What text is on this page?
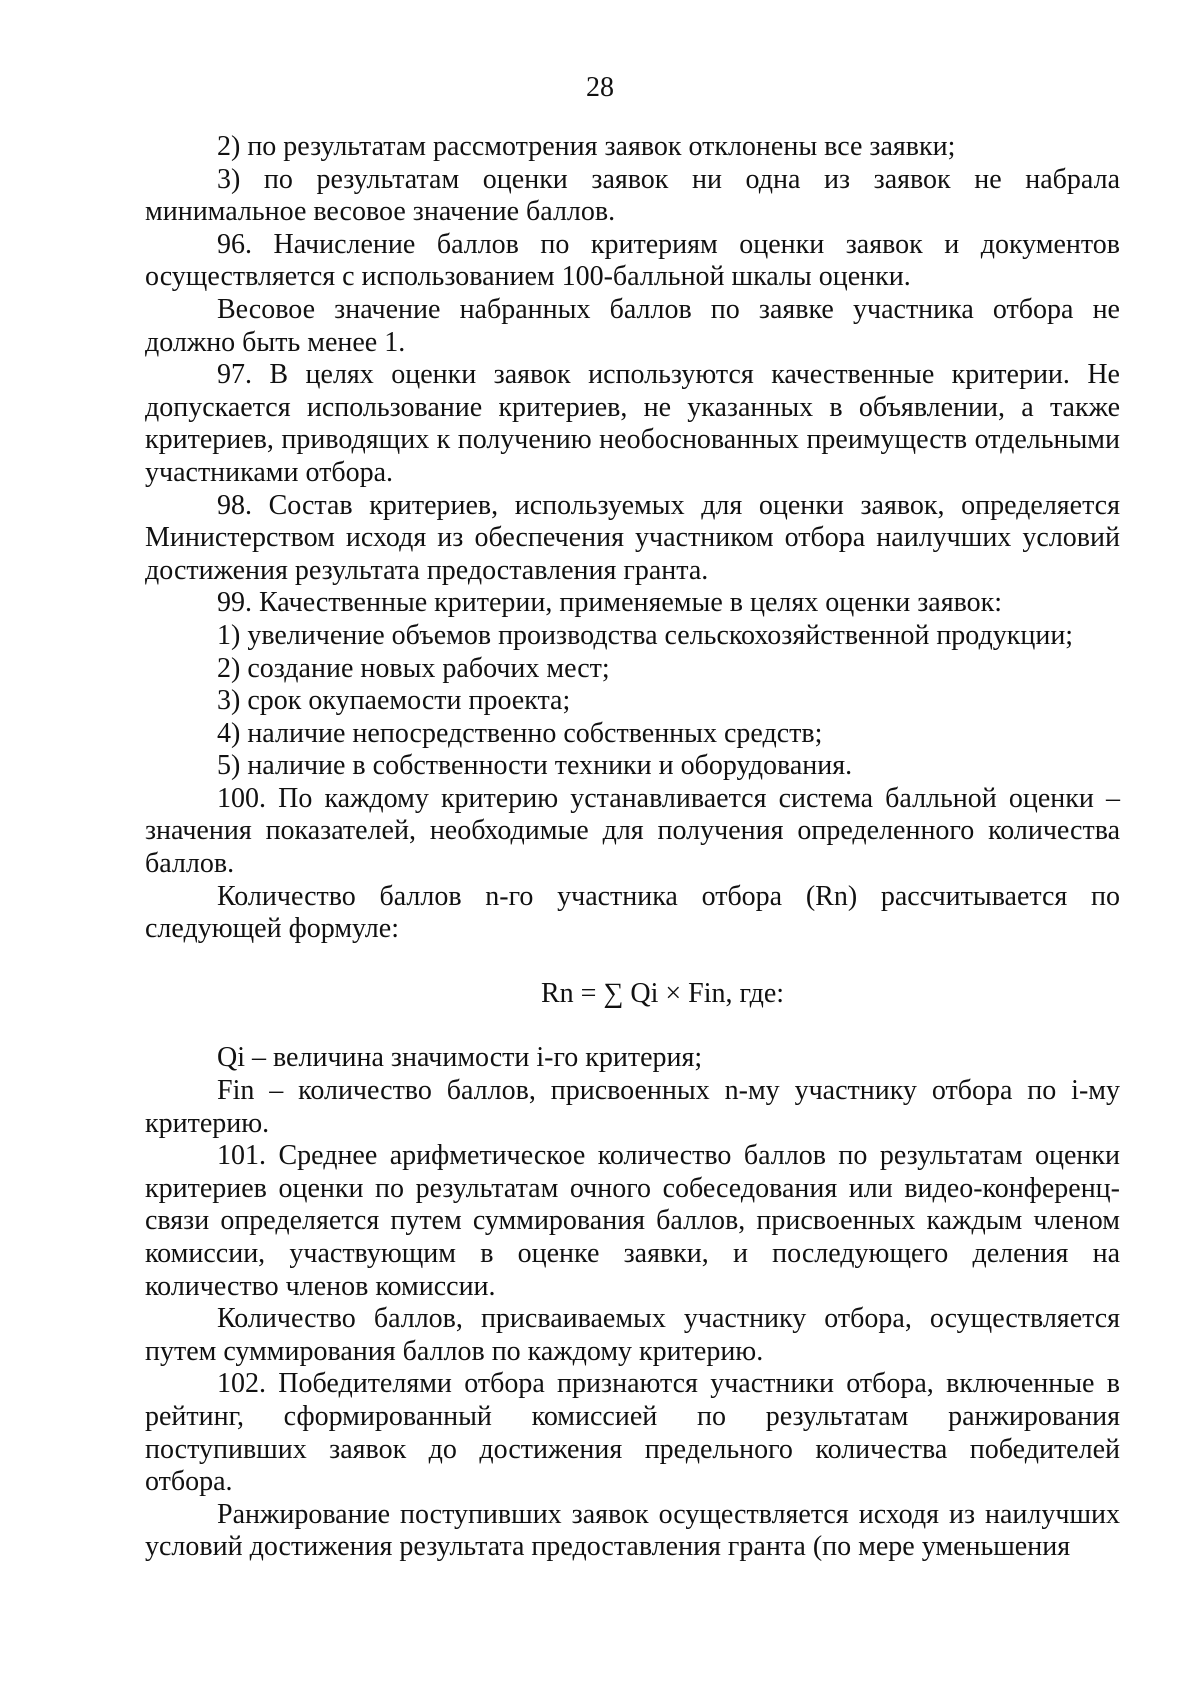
28

2) по результатам рассмотрения заявок отклонены все заявки;

3) по результатам оценки заявок ни одна из заявок не набрала минимальное весовое значение баллов.

96. Начисление баллов по критериям оценки заявок и документов осуществляется с использованием 100-балльной шкалы оценки.

Весовое значение набранных баллов по заявке участника отбора не должно быть менее 1.

97. В целях оценки заявок используются качественные критерии. Не допускается использование критериев, не указанных в объявлении, а также критериев, приводящих к получению необоснованных преимуществ отдельными участниками отбора.

98. Состав критериев, используемых для оценки заявок, определяется Министерством исходя из обеспечения участником отбора наилучших условий достижения результата предоставления гранта.

99. Качественные критерии, применяемые в целях оценки заявок:

1) увеличение объемов производства сельскохозяйственной продукции;

2) создание новых рабочих мест;

3) срок окупаемости проекта;

4) наличие непосредственно собственных средств;

5) наличие в собственности техники и оборудования.

100. По каждому критерию устанавливается система балльной оценки – значения показателей, необходимые для получения определенного количества баллов.

Количество баллов n-го участника отбора (Rn) рассчитывается по следующей формуле:

Rn = ∑ Qi × Fin, где:

Qi – величина значимости i-го критерия;

Fin – количество баллов, присвоенных n-му участнику отбора по i-му критерию.

101. Среднее арифметическое количество баллов по результатам оценки критериев оценки по результатам очного собеседования или видео-конференц-связи определяется путем суммирования баллов, присвоенных каждым членом комиссии, участвующим в оценке заявки, и последующего деления на количество членов комиссии.

Количество баллов, присваиваемых участнику отбора, осуществляется путем суммирования баллов по каждому критерию.

102. Победителями отбора признаются участники отбора, включенные в рейтинг, сформированный комиссией по результатам ранжирования поступивших заявок до достижения предельного количества победителей отбора.

Ранжирование поступивших заявок осуществляется исходя из наилучших условий достижения результата предоставления гранта (по мере уменьшения
